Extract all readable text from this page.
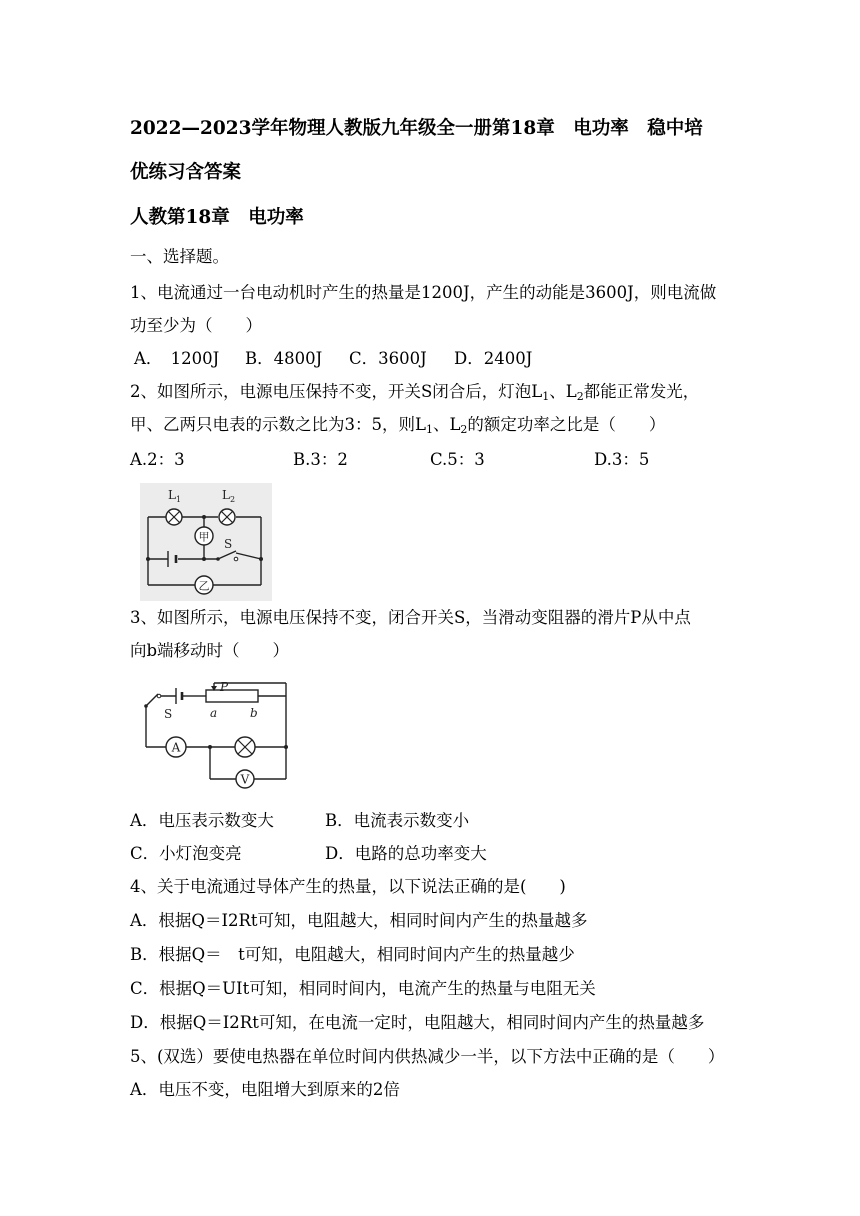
2022—2023学年物理人教版九年级全一册第18章　电功率　稳中培
优练习含答案
人教第18章　电功率
一、选择题。
1、电流通过一台电动机时产生的热量是1200J，产生的动能是3600J，则电流做
功至少为（　　）
A．　1200J B．4800J C．3600J D．2400J
2、如图所示，电源电压保持不变，开关S闭合后，灯泡$L_1$、$L_2$都能正常发光，
甲、乙两只电表的示数之比为3：5，则$L_1$、$L_2$的额定功率之比是（　　）
A.2：3	B.3：2	C.5：3	D.3：5
$L_1$	$L_2$
甲
乙
S
3、如图所示，电源电压保持不变，闭合开关S，当滑动变阻器的滑片P从中点
向b端移动时（　　）
A
V
S
P
a	b
A．电压表示数变大	B．电流表示数变小
C．小灯泡变亮	D．电路的总功率变大
4、关于电流通过导体产生的热量，以下说法正确的是(　　)
A．根据Q＝I2Rt可知，电阻越大，相同时间内产生的热量越多
B．根据Q＝　t可知，电阻越大，相同时间内产生的热量越少
C．根据Q＝UIt可知，相同时间内，电流产生的热量与电阻无关
D．根据Q＝I2Rt可知，在电流一定时，电阻越大，相同时间内产生的热量越多
5、(双选）要使电热器在单位时间内供热减少一半，以下方法中正确的是（　　）
A．电压不变，电阻增大到原来的2倍
